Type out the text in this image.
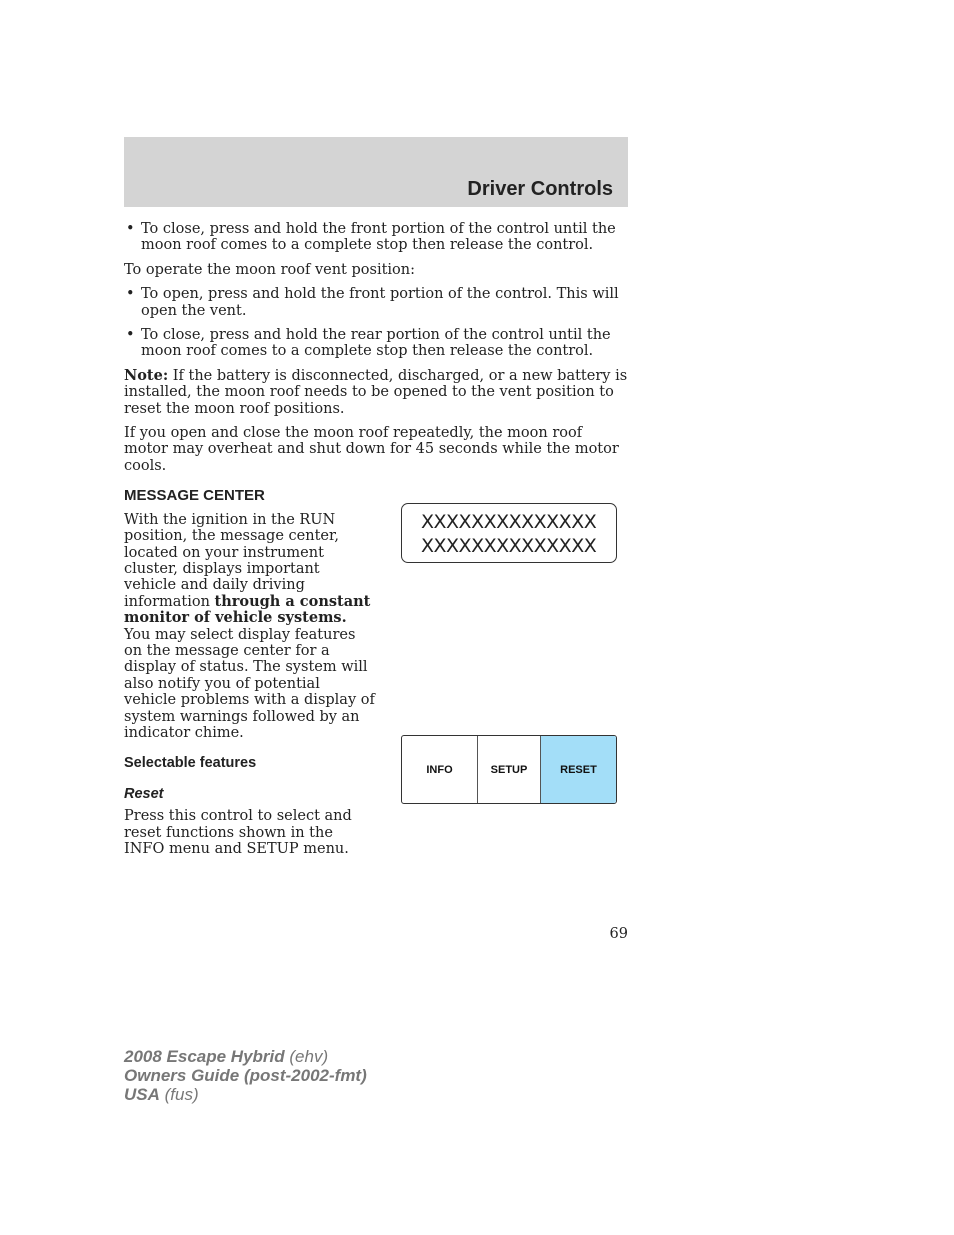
Driver Controls
• To close, press and hold the front portion of the control until the moon roof comes to a complete stop then release the control.
To operate the moon roof vent position:
• To open, press and hold the front portion of the control. This will open the vent.
• To close, press and hold the rear portion of the control until the moon roof comes to a complete stop then release the control.
Note: If the battery is disconnected, discharged, or a new battery is installed, the moon roof needs to be opened to the vent position to reset the moon roof positions.
If you open and close the moon roof repeatedly, the moon roof motor may overheat and shut down for 45 seconds while the motor cools.
MESSAGE CENTER
With the ignition in the RUN position, the message center, located on your instrument cluster, displays important vehicle and daily driving information through a constant monitor of vehicle systems. You may select display features on the message center for a display of status. The system will also notify you of potential vehicle problems with a display of system warnings followed by an indicator chime.
Selectable features
Reset
Press this control to select and reset functions shown in the INFO menu and SETUP menu.
XXXXXXXXXXXXXX
XXXXXXXXXXXXXX
INFO	SETUP	RESET
69
2008 Escape Hybrid (ehv)
Owners Guide (post-2002-fmt)
USA (fus)
